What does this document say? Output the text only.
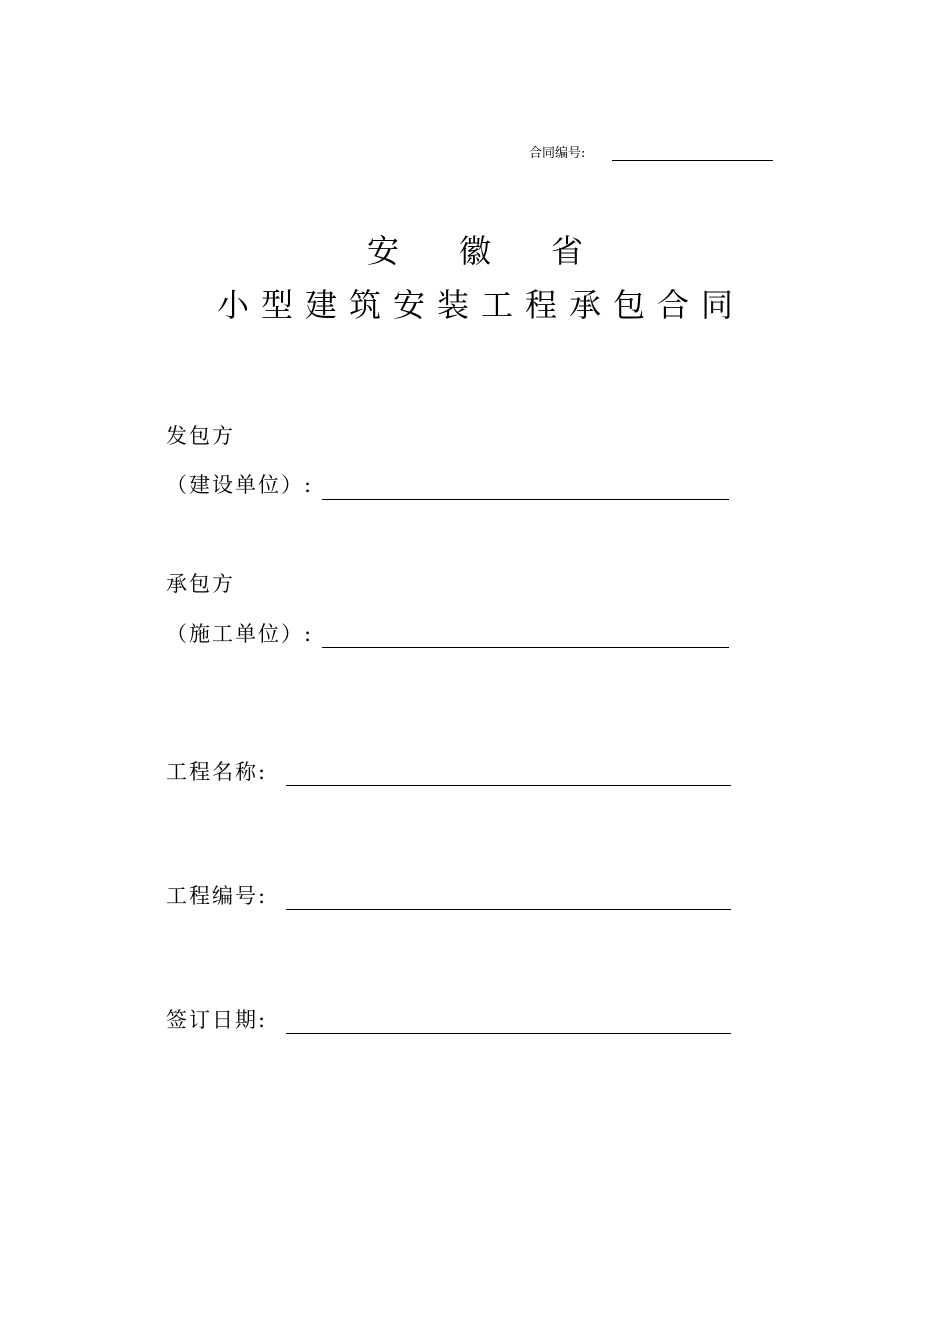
合同编号:
安徽省
小型建筑安装工程承包合同
发包方
（建设单位）:
承包方
（施工单位）:
工程名称:
工程编号:
签订日期:
